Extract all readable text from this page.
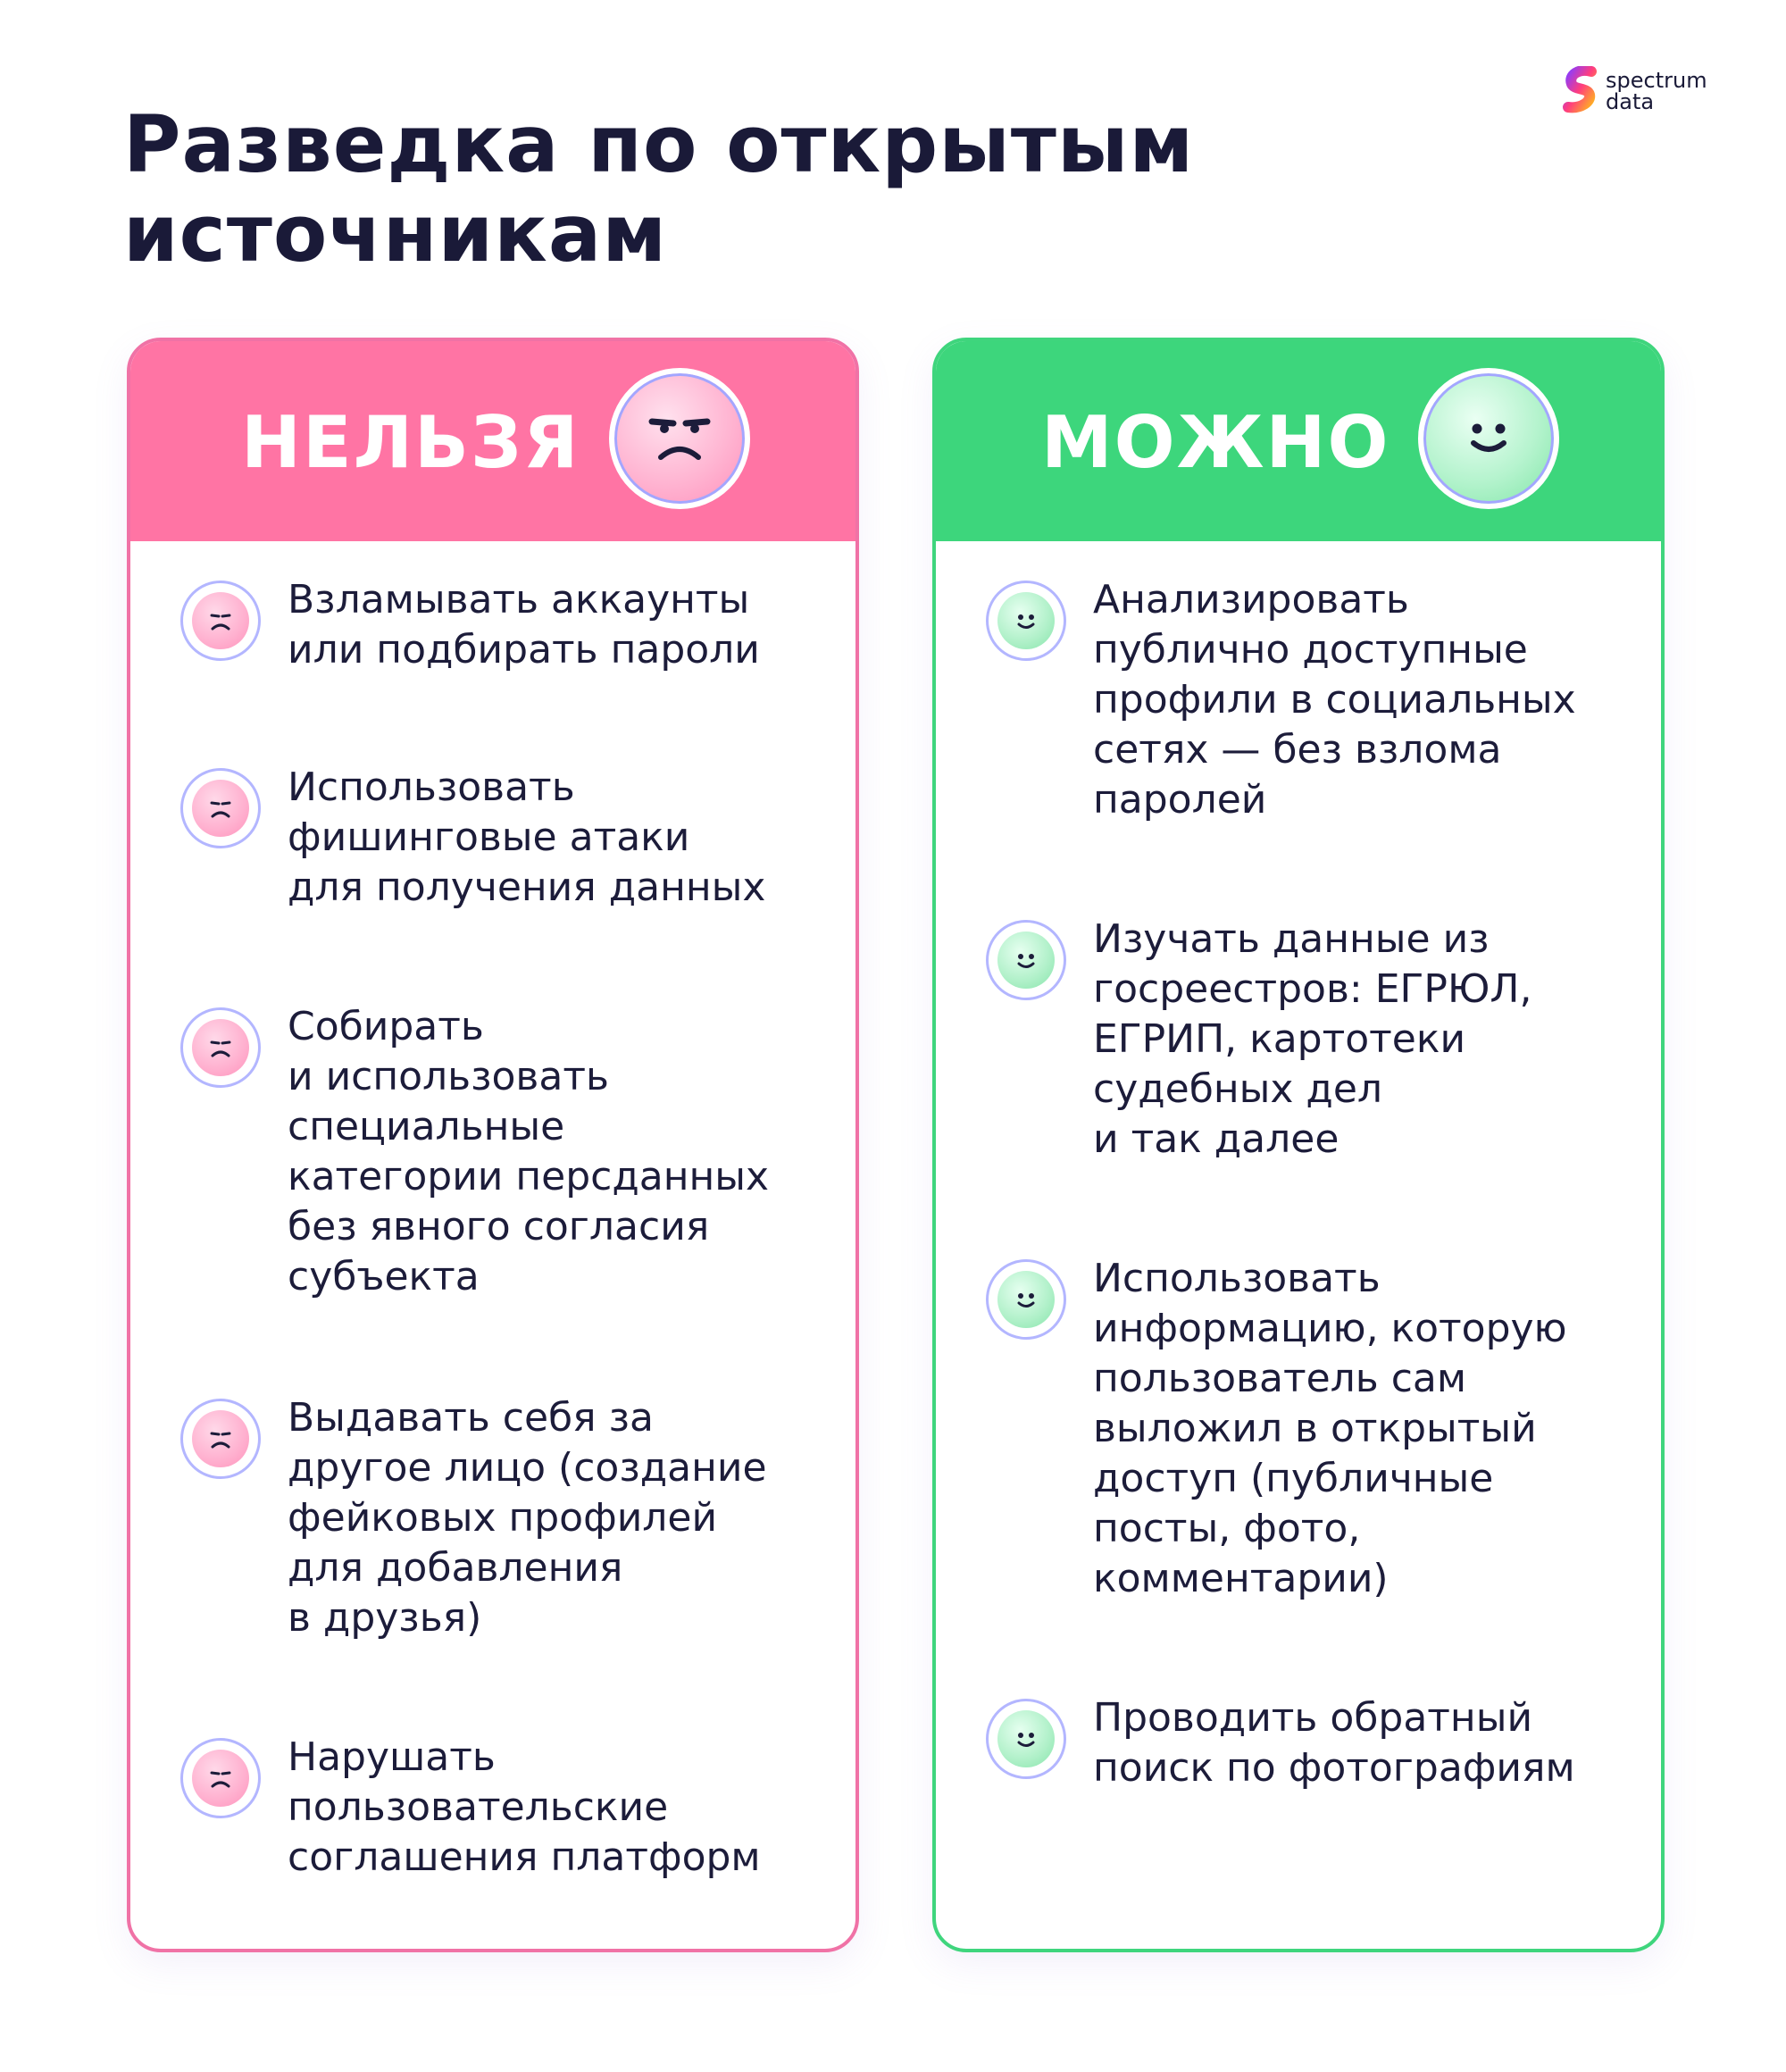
Разведка по открытым
источникам
spectrum
data
НЕЛЬЗЯ
Взламывать аккаунты
или подбирать пароли
Использовать
фишинговые атаки
для получения данных
Собирать
и использовать
специальные
категории персданных
без явного согласия
субъекта
Выдавать себя за
другое лицо (создание
фейковых профилей
для добавления
в друзья)
Нарушать
пользовательские
соглашения платформ
МОЖНО
Анализировать
публично доступные
профили в социальных
сетях — без взлома
паролей
Изучать данные из
госреестров: ЕГРЮЛ,
ЕГРИП, картотеки
судебных дел
и так далее
Использовать
информацию, которую
пользователь сам
выложил в открытый
доступ (публичные
посты, фото,
комментарии)
Проводить обратный
поиск по фотографиям
